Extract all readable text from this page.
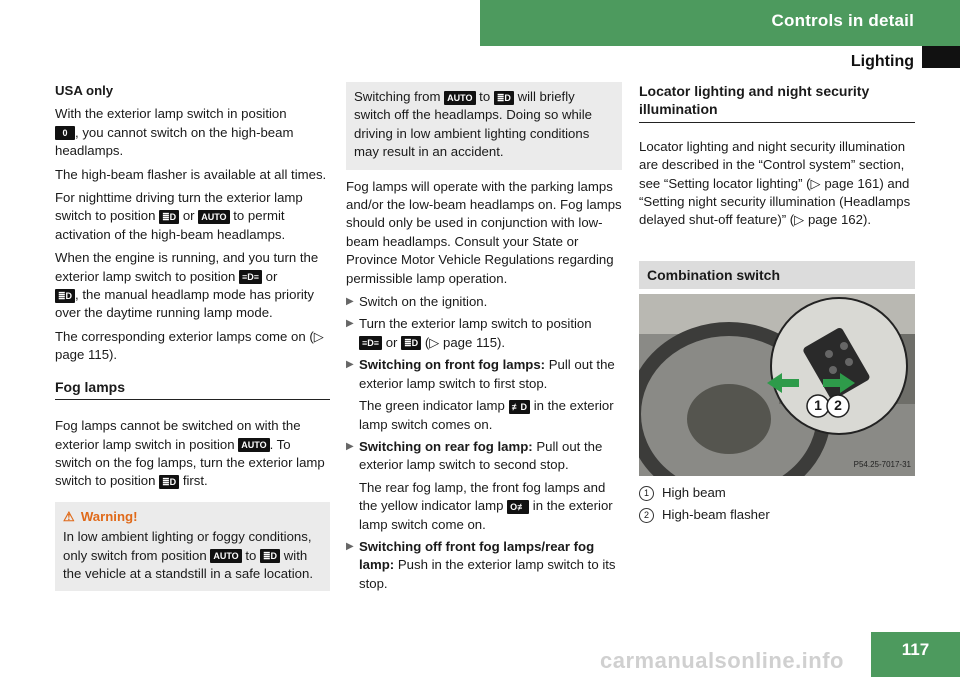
Controls in detail
Lighting

USA only

With the exterior lamp switch in position
0 , you cannot switch on the high-beam headlamps.

The high-beam flasher is available at all times.

For nighttime driving turn the exterior lamp switch to position ≣D or AUTO to permit activation of the high-beam headlamps.

When the engine is running, and you turn the exterior lamp switch to position ≡D≡ or
≣D , the manual headlamp mode has priority over the daytime running lamp mode.

The corresponding exterior lamps come on (▷ page 115).

Fog lamps

Fog lamps cannot be switched on with the exterior lamp switch in position AUTO . To switch on the fog lamps, turn the exterior lamp switch to position ≣D first.

⚠ Warning!
In low ambient lighting or foggy conditions, only switch from position AUTO to ≣D with the vehicle at a standstill in a safe location.
Switching from AUTO to ≣D will briefly switch off the headlamps. Doing so while driving in low ambient lighting conditions may result in an accident.

Fog lamps will operate with the parking lamps and/or the low-beam headlamps on. Fog lamps should only be used in conjunction with low-beam headlamps. Consult your State or Province Motor Vehicle Regulations regarding permissible lamp operation.

▶ Switch on the ignition.
▶ Turn the exterior lamp switch to position
≡D≡ or ≣D (▷ page 115).
▶ Switching on front fog lamps: Pull out the exterior lamp switch to first stop.
The green indicator lamp ≢D in the exterior lamp switch comes on.
▶ Switching on rear fog lamp: Pull out the exterior lamp switch to second stop.
The rear fog lamp, the front fog lamps and the yellow indicator lamp O≢ in the exterior lamp switch come on.
▶ Switching off front fog lamps/rear fog lamp: Push in the exterior lamp switch to its stop.

Locator lighting and night security illumination

Locator lighting and night security illumination are described in the “Control system” section, see “Setting locator lighting” (▷ page 161) and “Setting night security illumination (Headlamps delayed shut-off feature)” (▷ page 162).

Combination switch
1 2
P54.25-7017-31
1 High beam
2 High-beam flasher
117
carmanualsonline.info
